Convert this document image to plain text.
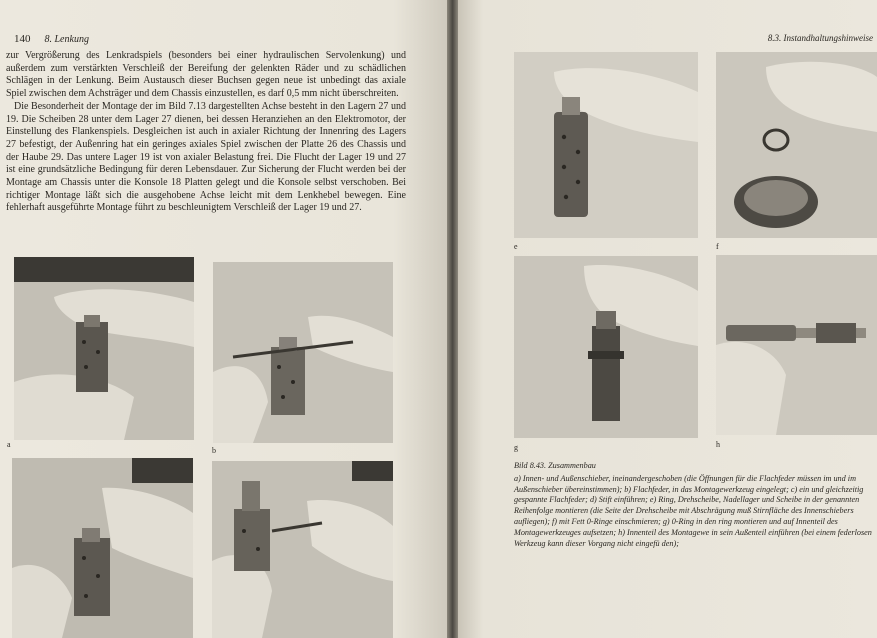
140 8. Lenkung

zur Vergrößerung des Lenkradspiels (besonders bei einer hydraulischen Servolenkung) und außerdem zum verstärkten Verschleiß der Bereifung der gelenkten Räder und zu schädlichen Schlägen in der Lenkung. Beim Austausch dieser Buchsen gegen neue ist unbedingt das axiale Spiel zwischen dem Achsträger und dem Chassis einzustellen, es darf 0,5 mm nicht überschreiten.

Die Besonderheit der Montage der im Bild 7.13 dargestellten Achse besteht in den Lagern 27 und 19. Die Scheiben 28 unter dem Lager 27 dienen, bei dessen Heranziehen an den Elektromotor, der Einstellung des Flankenspiels. Desgleichen ist auch in axialer Richtung der Innenring des Lagers 27 befestigt, der Außenring hat ein geringes axiales Spiel zwischen der Platte 26 des Chassis und der Haube 29. Das untere Lager 19 ist von axialer Belastung frei. Die Flucht der Lager 19 und 27 ist eine grundsätzliche Bedingung für deren Lebensdauer. Zur Sicherung der Flucht werden bei der Montage am Chassis unter die Konsole 18 Platten gelegt und die Konsole selbst verschoben. Bei richtiger Montage läßt sich die ausgehobene Achse leicht mit dem Lenkhebel bewegen. Eine fehlerhaft ausgeführte Montage führt zu beschleunigtem Verschleiß der Lager 19 und 27.

a
b
8.3. Instandhaltungshinweise
e	f
g	h
Bild 8.43. Zusammenbau
a) Innen- und Außenschieber, ineinandergeschoben (die Öffnungen für die Flachfeder müssen im und im Außenschieber übereinstimmen); b) Flachfeder, in das Montagewerkzeug eingelegt; c) ein und gleichzeitig gespannte Flachfeder; d) Stift einführen; e) Ring, Drehscheibe, Nadellager und Scheibe in der genannten Reihenfolge montieren (die Seite der Drehscheibe mit Abschrägung muß Stirnfläche des Innenschiebers aufliegen); f) mit Fett 0-Ringe einschmieren; g) 0-Ring in den ring montieren und auf Innenteil des Montagewerkzeuges aufsetzen; h) Innenteil des Montagewe in sein Außenteil einführen (bei einem federlosen Werkzeug kann dieser Vorgang nicht eingefü den);
